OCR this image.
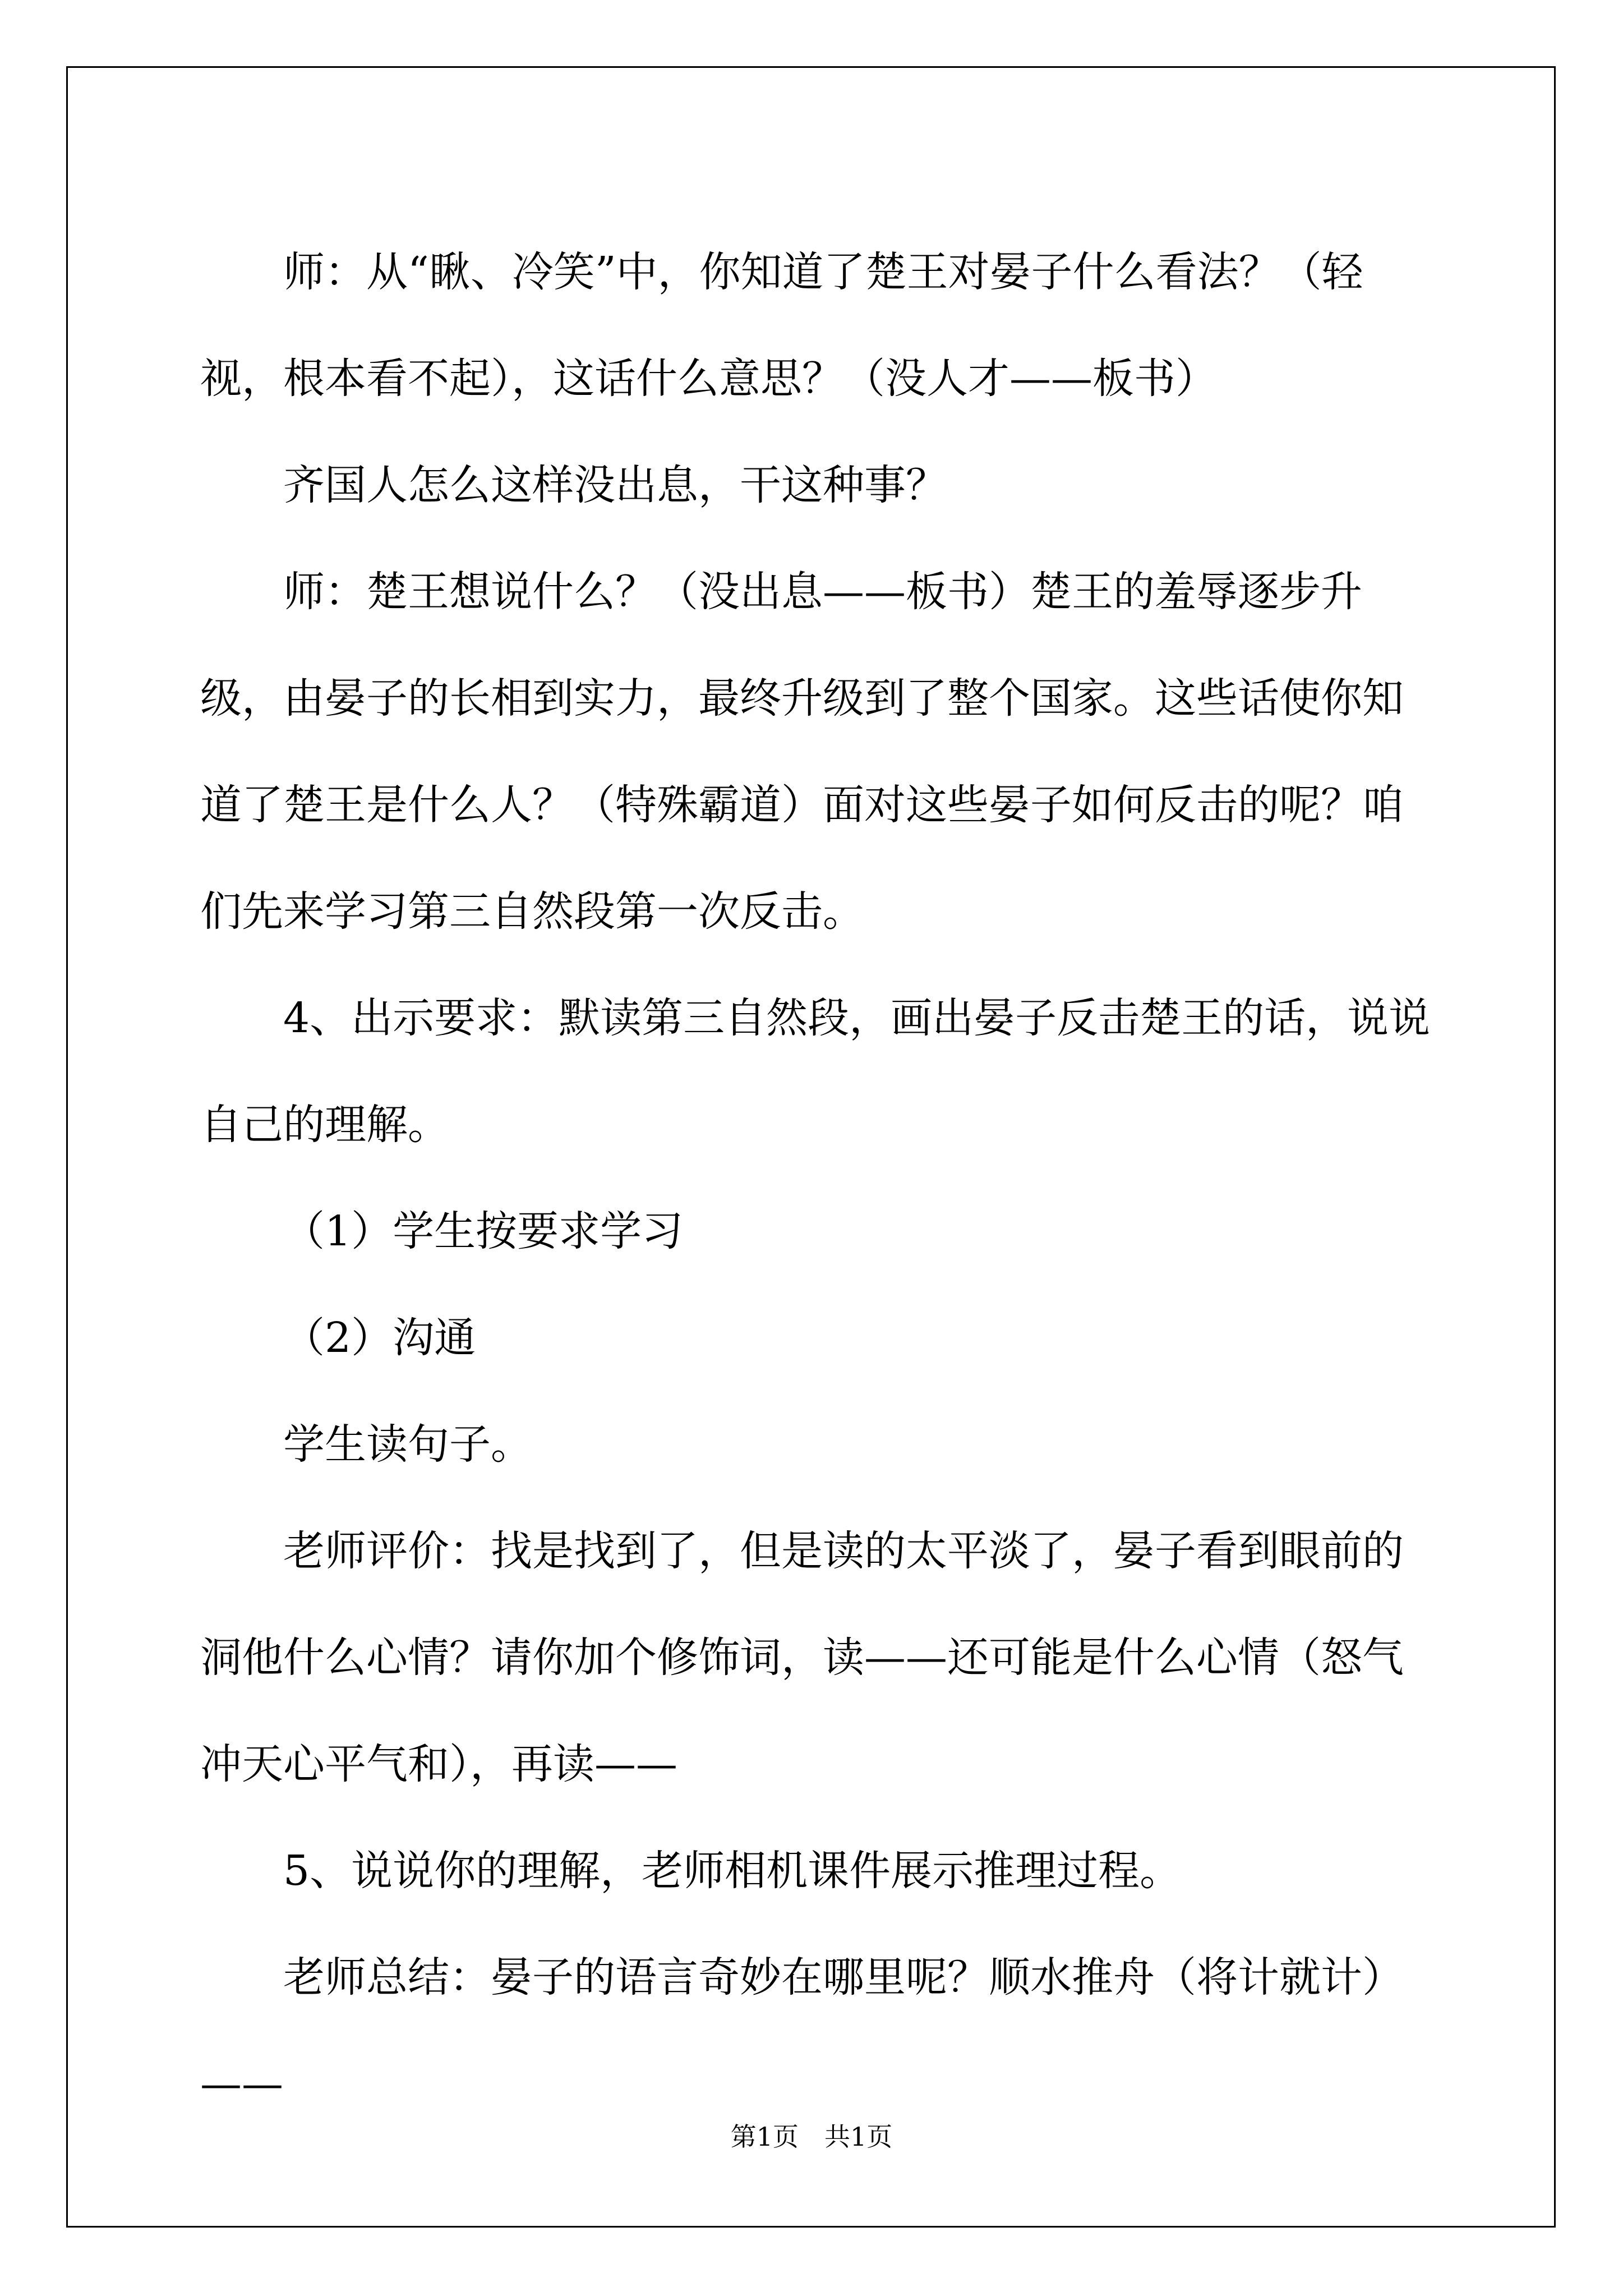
师：从“瞅、冷笑”中，你知道了楚王对晏子什么看法？（轻视，根本看不起），这话什么意思？（没人才——板书）

齐国人怎么这样没出息，干这种事？

师：楚王想说什么？（没出息——板书）楚王的羞辱逐步升级，由晏子的长相到实力，最终升级到了整个国家。这些话使你知道了楚王是什么人？（特殊霸道）面对这些晏子如何反击的呢？咱们先来学习第三自然段第一次反击。

4、出示要求：默读第三自然段，画出晏子反击楚王的话，说说自己的理解。

（1）学生按要求学习

（2）沟通

学生读句子。

老师评价：找是找到了，但是读的太平淡了，晏子看到眼前的洞他什么心情？请你加个修饰词，读——还可能是什么心情（怒气冲天心平气和），再读——

5、说说你的理解，老师相机课件展示推理过程。

老师总结：晏子的语言奇妙在哪里呢？顺水推舟（将计就计）——

第1页　共1页
